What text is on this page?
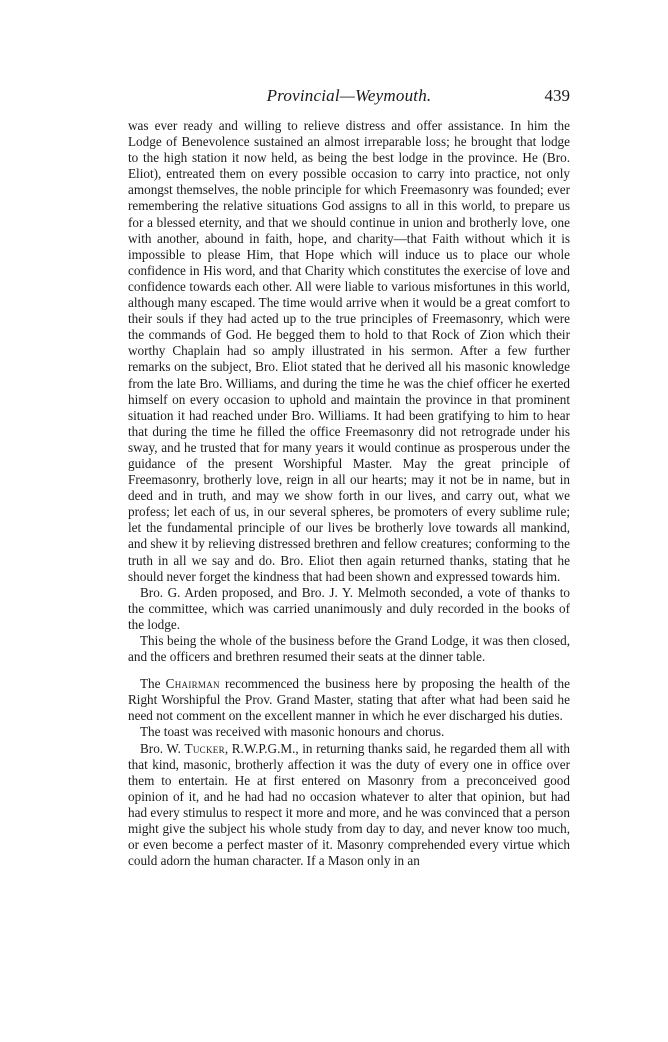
Provincial—Weymouth.	439

was ever ready and willing to relieve distress and offer assistance. In him the Lodge of Benevolence sustained an almost irreparable loss; he brought that lodge to the high station it now held, as being the best lodge in the province. He (Bro. Eliot), entreated them on every possible occasion to carry into practice, not only amongst themselves, the noble principle for which Freemasonry was founded; ever remembering the relative situations God assigns to all in this world, to prepare us for a blessed eternity, and that we should continue in union and brotherly love, one with another, abound in faith, hope, and charity—that Faith without which it is impossible to please Him, that Hope which will induce us to place our whole confidence in His word, and that Charity which constitutes the exercise of love and confidence towards each other. All were liable to various misfortunes in this world, although many escaped. The time would arrive when it would be a great comfort to their souls if they had acted up to the true principles of Freemasonry, which were the commands of God. He begged them to hold to that Rock of Zion which their worthy Chaplain had so amply illustrated in his sermon. After a few further remarks on the subject, Bro. Eliot stated that he derived all his masonic knowledge from the late Bro. Williams, and during the time he was the chief officer he exerted himself on every occasion to uphold and maintain the province in that prominent situation it had reached under Bro. Williams. It had been gratifying to him to hear that during the time he filled the office Freemasonry did not retrograde under his sway, and he trusted that for many years it would continue as prosperous under the guidance of the present Worshipful Master. May the great principle of Freemasonry, brotherly love, reign in all our hearts; may it not be in name, but in deed and in truth, and may we show forth in our lives, and carry out, what we profess; let each of us, in our several spheres, be promoters of every sublime rule; let the fundamental principle of our lives be brotherly love towards all mankind, and shew it by relieving distressed brethren and fellow creatures; conforming to the truth in all we say and do. Bro. Eliot then again returned thanks, stating that he should never forget the kindness that had been shown and expressed towards him.

Bro. G. Arden proposed, and Bro. J. Y. Melmoth seconded, a vote of thanks to the committee, which was carried unanimously and duly recorded in the books of the lodge.

This being the whole of the business before the Grand Lodge, it was then closed, and the officers and brethren resumed their seats at the dinner table.

The Chairman recommenced the business here by proposing the health of the Right Worshipful the Prov. Grand Master, stating that after what had been said he need not comment on the excellent manner in which he ever discharged his duties.

The toast was received with masonic honours and chorus.

Bro. W. Tucker, R.W.P.G.M., in returning thanks said, he regarded them all with that kind, masonic, brotherly affection it was the duty of every one in office over them to entertain. He at first entered on Masonry from a preconceived good opinion of it, and he had had no occasion whatever to alter that opinion, but had had every stimulus to respect it more and more, and he was convinced that a person might give the subject his whole study from day to day, and never know too much, or even become a perfect master of it. Masonry comprehended every virtue which could adorn the human character. If a Mason only in an
